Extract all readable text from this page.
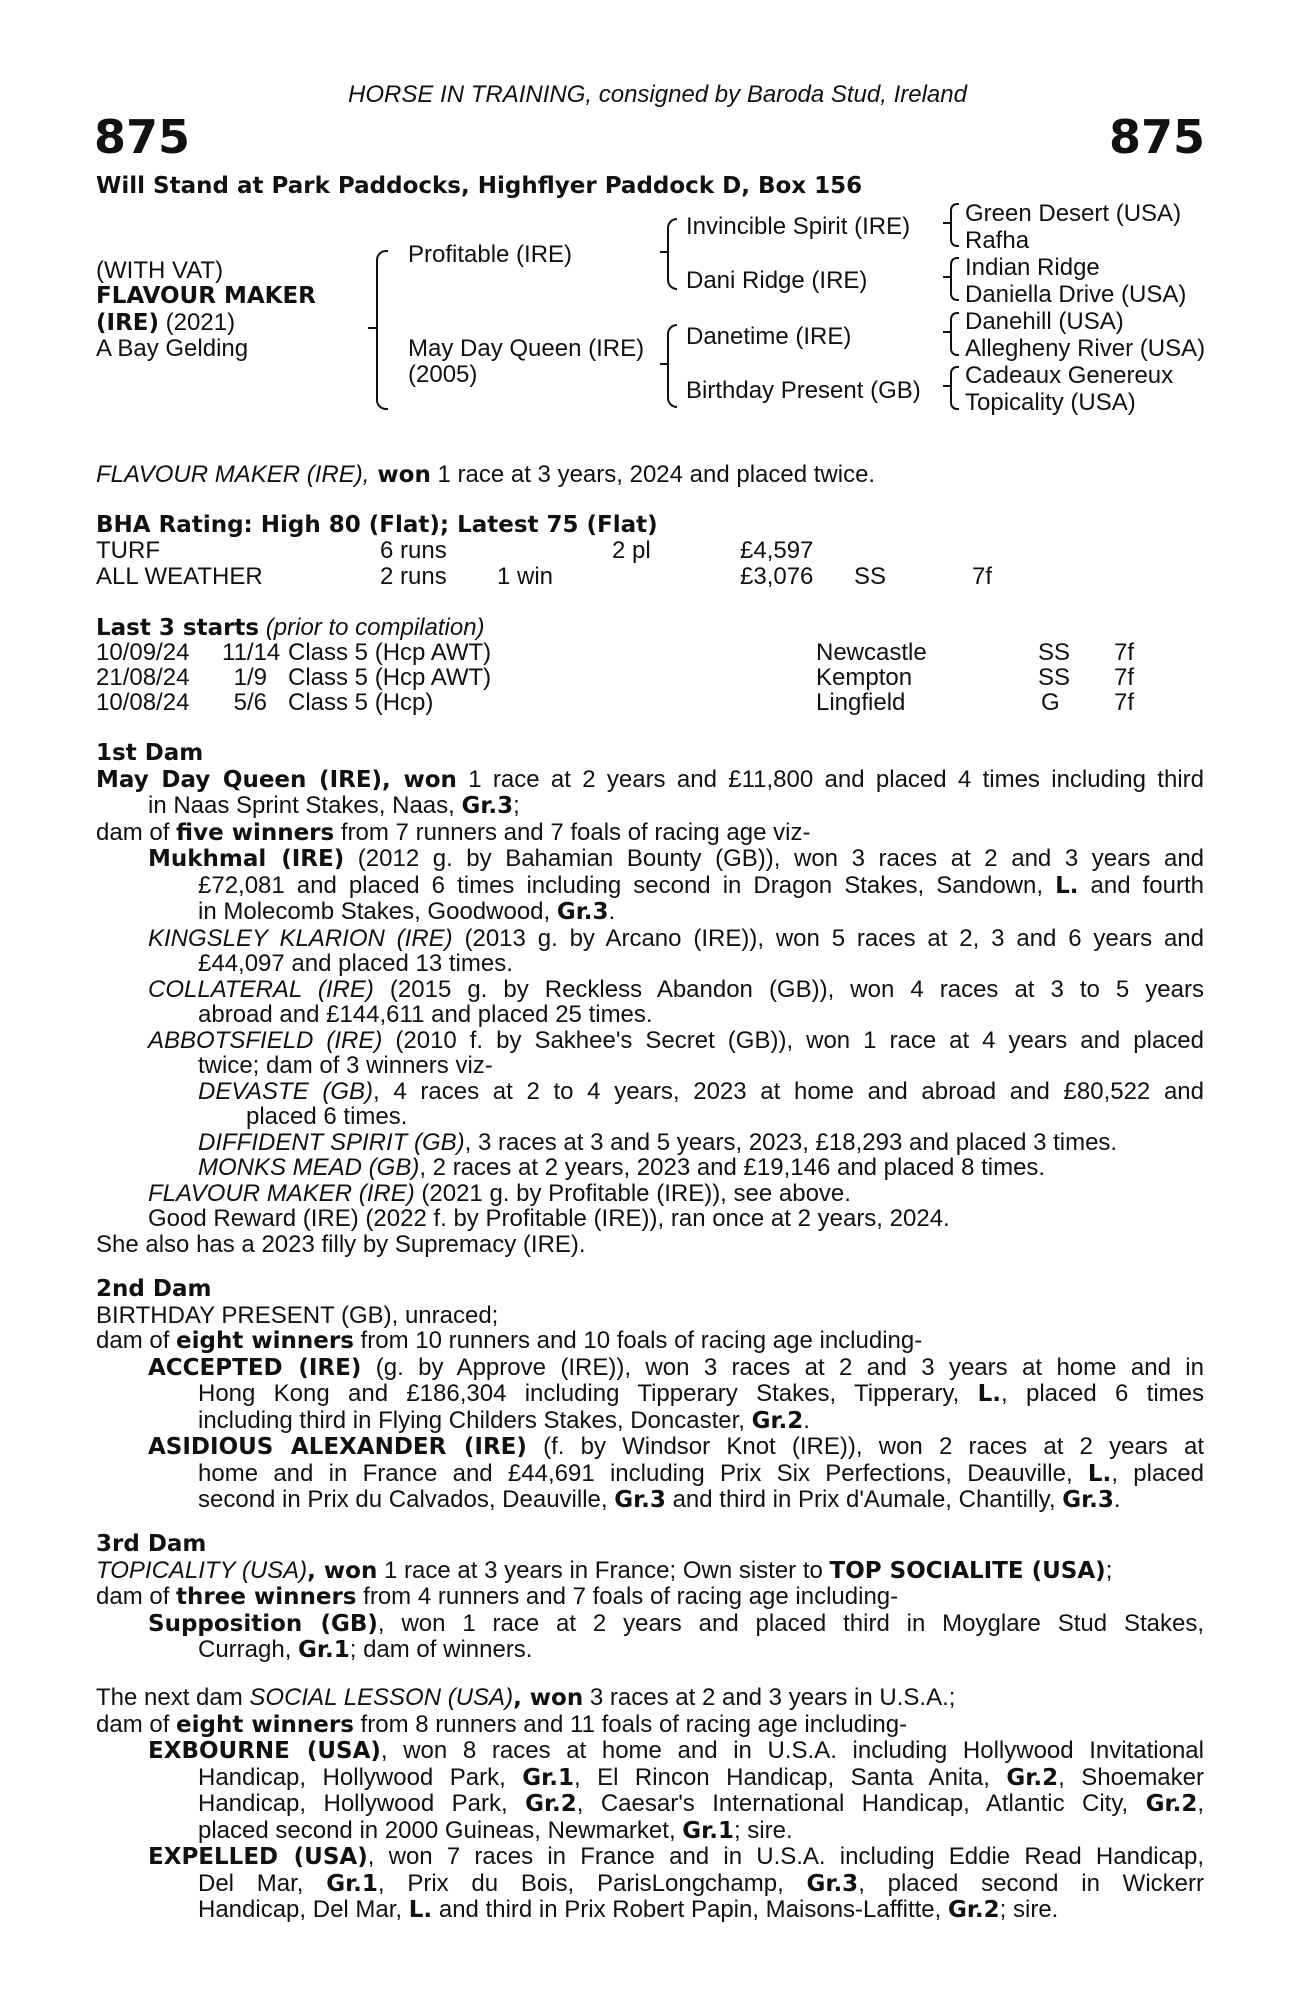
HORSE IN TRAINING, consigned by Baroda Stud, Ireland
875	875
Will Stand at Park Paddocks, Highflyer Paddock D, Box 156
(WITH VAT)
FLAVOUR MAKER
(IRE) (2021)
A Bay Gelding
Profitable (IRE)
May Day Queen (IRE)
(2005)
Invincible Spirit (IRE)
Dani Ridge (IRE)
Danetime (IRE)
Birthday Present (GB)
Green Desert (USA)
Rafha
Indian Ridge
Daniella Drive (USA)
Danehill (USA)
Allegheny River (USA)
Cadeaux Genereux
Topicality (USA)
FLAVOUR MAKER (IRE), won 1 race at 3 years, 2024 and placed twice.
BHA Rating: High 80 (Flat); Latest 75 (Flat)
TURF	6 runs	2 pl	£4,597
ALL WEATHER	2 runs 1 win	£3,076 SS	7f
Last 3 starts (prior to compilation)
10/09/24 11/14 Class 5 (Hcp AWT)	Newcastle	SS 7f
21/08/24	1/9 Class 5 (Hcp AWT)	Kempton	SS 7f
10/08/24	5/6 Class 5 (Hcp)	Lingfield	G 7f
1st Dam
May Day Queen (IRE), won 1 race at 2 years and £11,800 and placed 4 times including third
in Naas Sprint Stakes, Naas, Gr.3;
dam of five winners from 7 runners and 7 foals of racing age viz-
Mukhmal (IRE) (2012 g. by Bahamian Bounty (GB)), won 3 races at 2 and 3 years and
£72,081 and placed 6 times including second in Dragon Stakes, Sandown, L. and fourth
in Molecomb Stakes, Goodwood, Gr.3.
KINGSLEY KLARION (IRE) (2013 g. by Arcano (IRE)), won 5 races at 2, 3 and 6 years and
£44,097 and placed 13 times.
COLLATERAL (IRE) (2015 g. by Reckless Abandon (GB)), won 4 races at 3 to 5 years
abroad and £144,611 and placed 25 times.
ABBOTSFIELD (IRE) (2010 f. by Sakhee's Secret (GB)), won 1 race at 4 years and placed
twice; dam of 3 winners viz-
DEVASTE (GB), 4 races at 2 to 4 years, 2023 at home and abroad and £80,522 and
placed 6 times.
DIFFIDENT SPIRIT (GB), 3 races at 3 and 5 years, 2023, £18,293 and placed 3 times.
MONKS MEAD (GB), 2 races at 2 years, 2023 and £19,146 and placed 8 times.
FLAVOUR MAKER (IRE) (2021 g. by Profitable (IRE)), see above.
Good Reward (IRE) (2022 f. by Profitable (IRE)), ran once at 2 years, 2024.
She also has a 2023 filly by Supremacy (IRE).
2nd Dam
BIRTHDAY PRESENT (GB), unraced;
dam of eight winners from 10 runners and 10 foals of racing age including-
ACCEPTED (IRE) (g. by Approve (IRE)), won 3 races at 2 and 3 years at home and in
Hong Kong and £186,304 including Tipperary Stakes, Tipperary, L., placed 6 times
including third in Flying Childers Stakes, Doncaster, Gr.2.
ASIDIOUS ALEXANDER (IRE) (f. by Windsor Knot (IRE)), won 2 races at 2 years at
home and in France and £44,691 including Prix Six Perfections, Deauville, L., placed
second in Prix du Calvados, Deauville, Gr.3 and third in Prix d'Aumale, Chantilly, Gr.3.
3rd Dam
TOPICALITY (USA), won 1 race at 3 years in France; Own sister to TOP SOCIALITE (USA);
dam of three winners from 4 runners and 7 foals of racing age including-
Supposition (GB), won 1 race at 2 years and placed third in Moyglare Stud Stakes,
Curragh, Gr.1; dam of winners.
The next dam SOCIAL LESSON (USA), won 3 races at 2 and 3 years in U.S.A.;
dam of eight winners from 8 runners and 11 foals of racing age including-
EXBOURNE (USA), won 8 races at home and in U.S.A. including Hollywood Invitational
Handicap, Hollywood Park, Gr.1, El Rincon Handicap, Santa Anita, Gr.2, Shoemaker
Handicap, Hollywood Park, Gr.2, Caesar's International Handicap, Atlantic City, Gr.2,
placed second in 2000 Guineas, Newmarket, Gr.1; sire.
EXPELLED (USA), won 7 races in France and in U.S.A. including Eddie Read Handicap,
Del Mar, Gr.1, Prix du Bois, ParisLongchamp, Gr.3, placed second in Wickerr
Handicap, Del Mar, L. and third in Prix Robert Papin, Maisons-Laffitte, Gr.2; sire.
